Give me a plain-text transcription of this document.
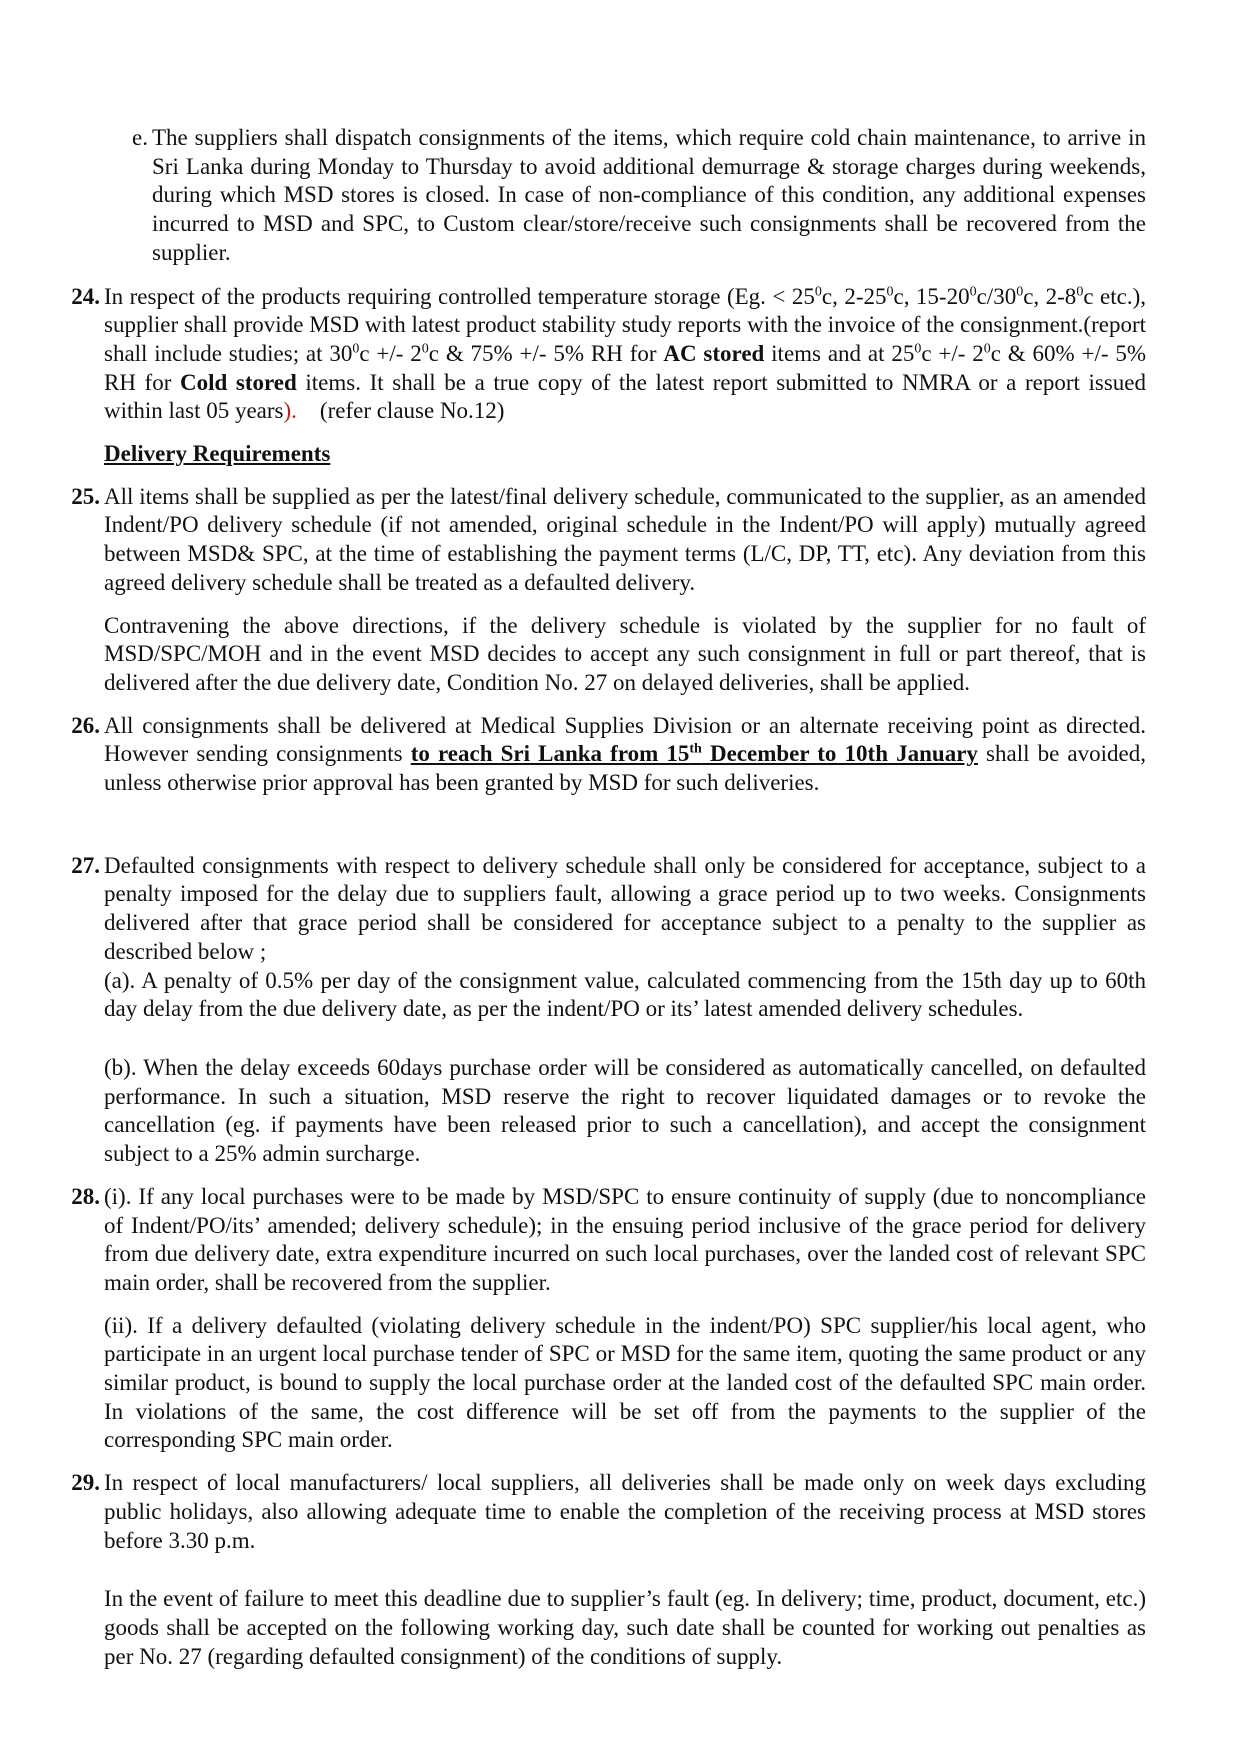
e. The suppliers shall dispatch consignments of the items, which require cold chain maintenance, to arrive in Sri Lanka during Monday to Thursday to avoid additional demurrage & storage charges during weekends, during which MSD stores is closed. In case of non-compliance of this condition, any additional expenses incurred to MSD and SPC, to Custom clear/store/receive such consignments shall be recovered from the supplier.
24. In respect of the products requiring controlled temperature storage (Eg. < $25^0c$, $2-25^0c$, $15-20^0c/30^0c$, $2-8^0c$ etc.), supplier shall provide MSD with latest product stability study reports with the invoice of the consignment.(report shall include studies; at $30^0c$ +/- $2^0c$ & 75% +/- 5% RH for AC stored items and at $25^0c$ +/- $2^0c$ & 60% +/- 5% RH for Cold stored items. It shall be a true copy of the latest report submitted to NMRA or a report issued within last 05 years).    (refer clause No.12)
Delivery Requirements
25. All items shall be supplied as per the latest/final delivery schedule, communicated to the supplier, as an amended Indent/PO delivery schedule (if not amended, original schedule in the Indent/PO will apply) mutually agreed between MSD& SPC, at the time of establishing the payment terms (L/C, DP, TT, etc). Any deviation from this agreed delivery schedule shall be treated as a defaulted delivery.
Contravening the above directions, if the delivery schedule is violated by the supplier for no fault of MSD/SPC/MOH and in the event MSD decides to accept any such consignment in full or part thereof, that is delivered after the due delivery date, Condition No. 27 on delayed deliveries, shall be applied.
26. All consignments shall be delivered at Medical Supplies Division or an alternate receiving point as directed. However sending consignments to reach Sri Lanka from 15th December to 10th January shall be avoided, unless otherwise prior approval has been granted by MSD for such deliveries.
27. Defaulted consignments with respect to delivery schedule shall only be considered for acceptance, subject to a penalty imposed for the delay due to suppliers fault, allowing a grace period up to two weeks. Consignments delivered after that grace period shall be considered for acceptance subject to a penalty to the supplier as described below ;
(a). A penalty of 0.5% per day of the consignment value, calculated commencing from the 15th day up to 60th day delay from the due delivery date, as per the indent/PO or its’ latest amended delivery schedules.
(b). When the delay exceeds 60days purchase order will be considered as automatically cancelled, on defaulted performance. In such a situation, MSD reserve the right to recover liquidated damages or to revoke the cancellation (eg. if payments have been released prior to such a cancellation), and accept the consignment subject to a 25% admin surcharge.
28. (i). If any local purchases were to be made by MSD/SPC to ensure continuity of supply (due to noncompliance of Indent/PO/its’ amended; delivery schedule); in the ensuing period inclusive of the grace period for delivery from due delivery date, extra expenditure incurred on such local purchases, over the landed cost of relevant SPC main order, shall be recovered from the supplier.
(ii). If a delivery defaulted (violating delivery schedule in the indent/PO) SPC supplier/his local agent, who participate in an urgent local purchase tender of SPC or MSD for the same item, quoting the same product or any similar product, is bound to supply the local purchase order at the landed cost of the defaulted SPC main order. In violations of the same, the cost difference will be set off from the payments to the supplier of the corresponding SPC main order.
29. In respect of local manufacturers/ local suppliers, all deliveries shall be made only on week days excluding public holidays, also allowing adequate time to enable the completion of the receiving process at MSD stores before 3.30 p.m.
In the event of failure to meet this deadline due to supplier’s fault (eg. In delivery; time, product, document, etc.) goods shall be accepted on the following working day, such date shall be counted for working out penalties as per No. 27 (regarding defaulted consignment) of the conditions of supply.
